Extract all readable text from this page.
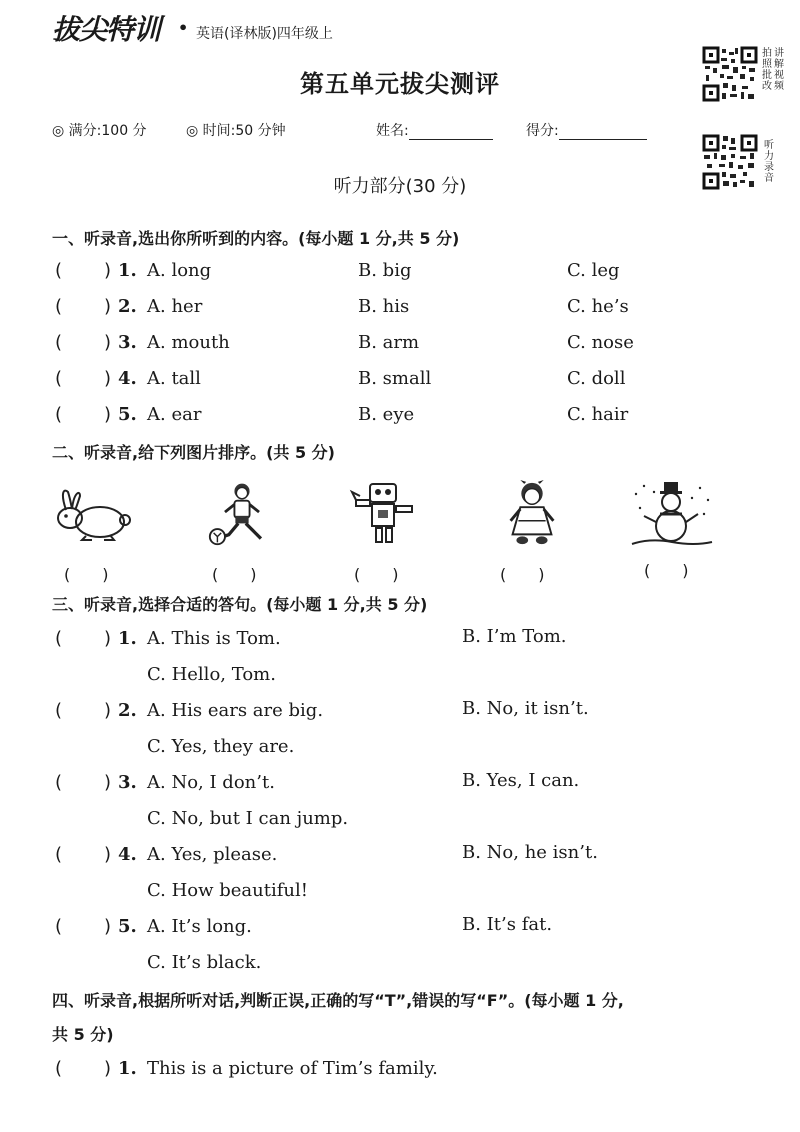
拔尖特训 • 英语(译林版)四年级上
拍照批改
讲解视频
听力录音
第五单元拔尖测评
◎ 满分:100 分	◎ 时间:50 分钟	姓名:	得分:
听力部分(30 分)
一、听录音,选出你所听到的内容。(每小题 1 分,共 5 分)
( ) 1. A. long	B. big	C. leg
( ) 2. A. her	B. his	C. he’s
( ) 3. A. mouth	B. arm	C. nose
( ) 4. A. tall	B. small	C. doll
( ) 5. A. ear	B. eye	C. hair
二、听录音,给下列图片排序。(共 5 分)
(　　)	(　　)	(　　)	(　　)	(　　)
三、听录音,选择合适的答句。(每小题 1 分,共 5 分)
( ) 1. A. This is Tom.	B. I’m Tom.
C. Hello, Tom.
( ) 2. A. His ears are big.	B. No, it isn’t.
C. Yes, they are.
( ) 3. A. No, I don’t.	B. Yes, I can.
C. No, but I can jump.
( ) 4. A. Yes, please.	B. No, he isn’t.
C. How beautiful!
( ) 5. A. It’s long.	B. It’s fat.
C. It’s black.
四、听录音,根据所听对话,判断正误,正确的写“T”,错误的写“F”。(每小题 1 分,
共 5 分)
( ) 1. This is a picture of Tim’s family.
